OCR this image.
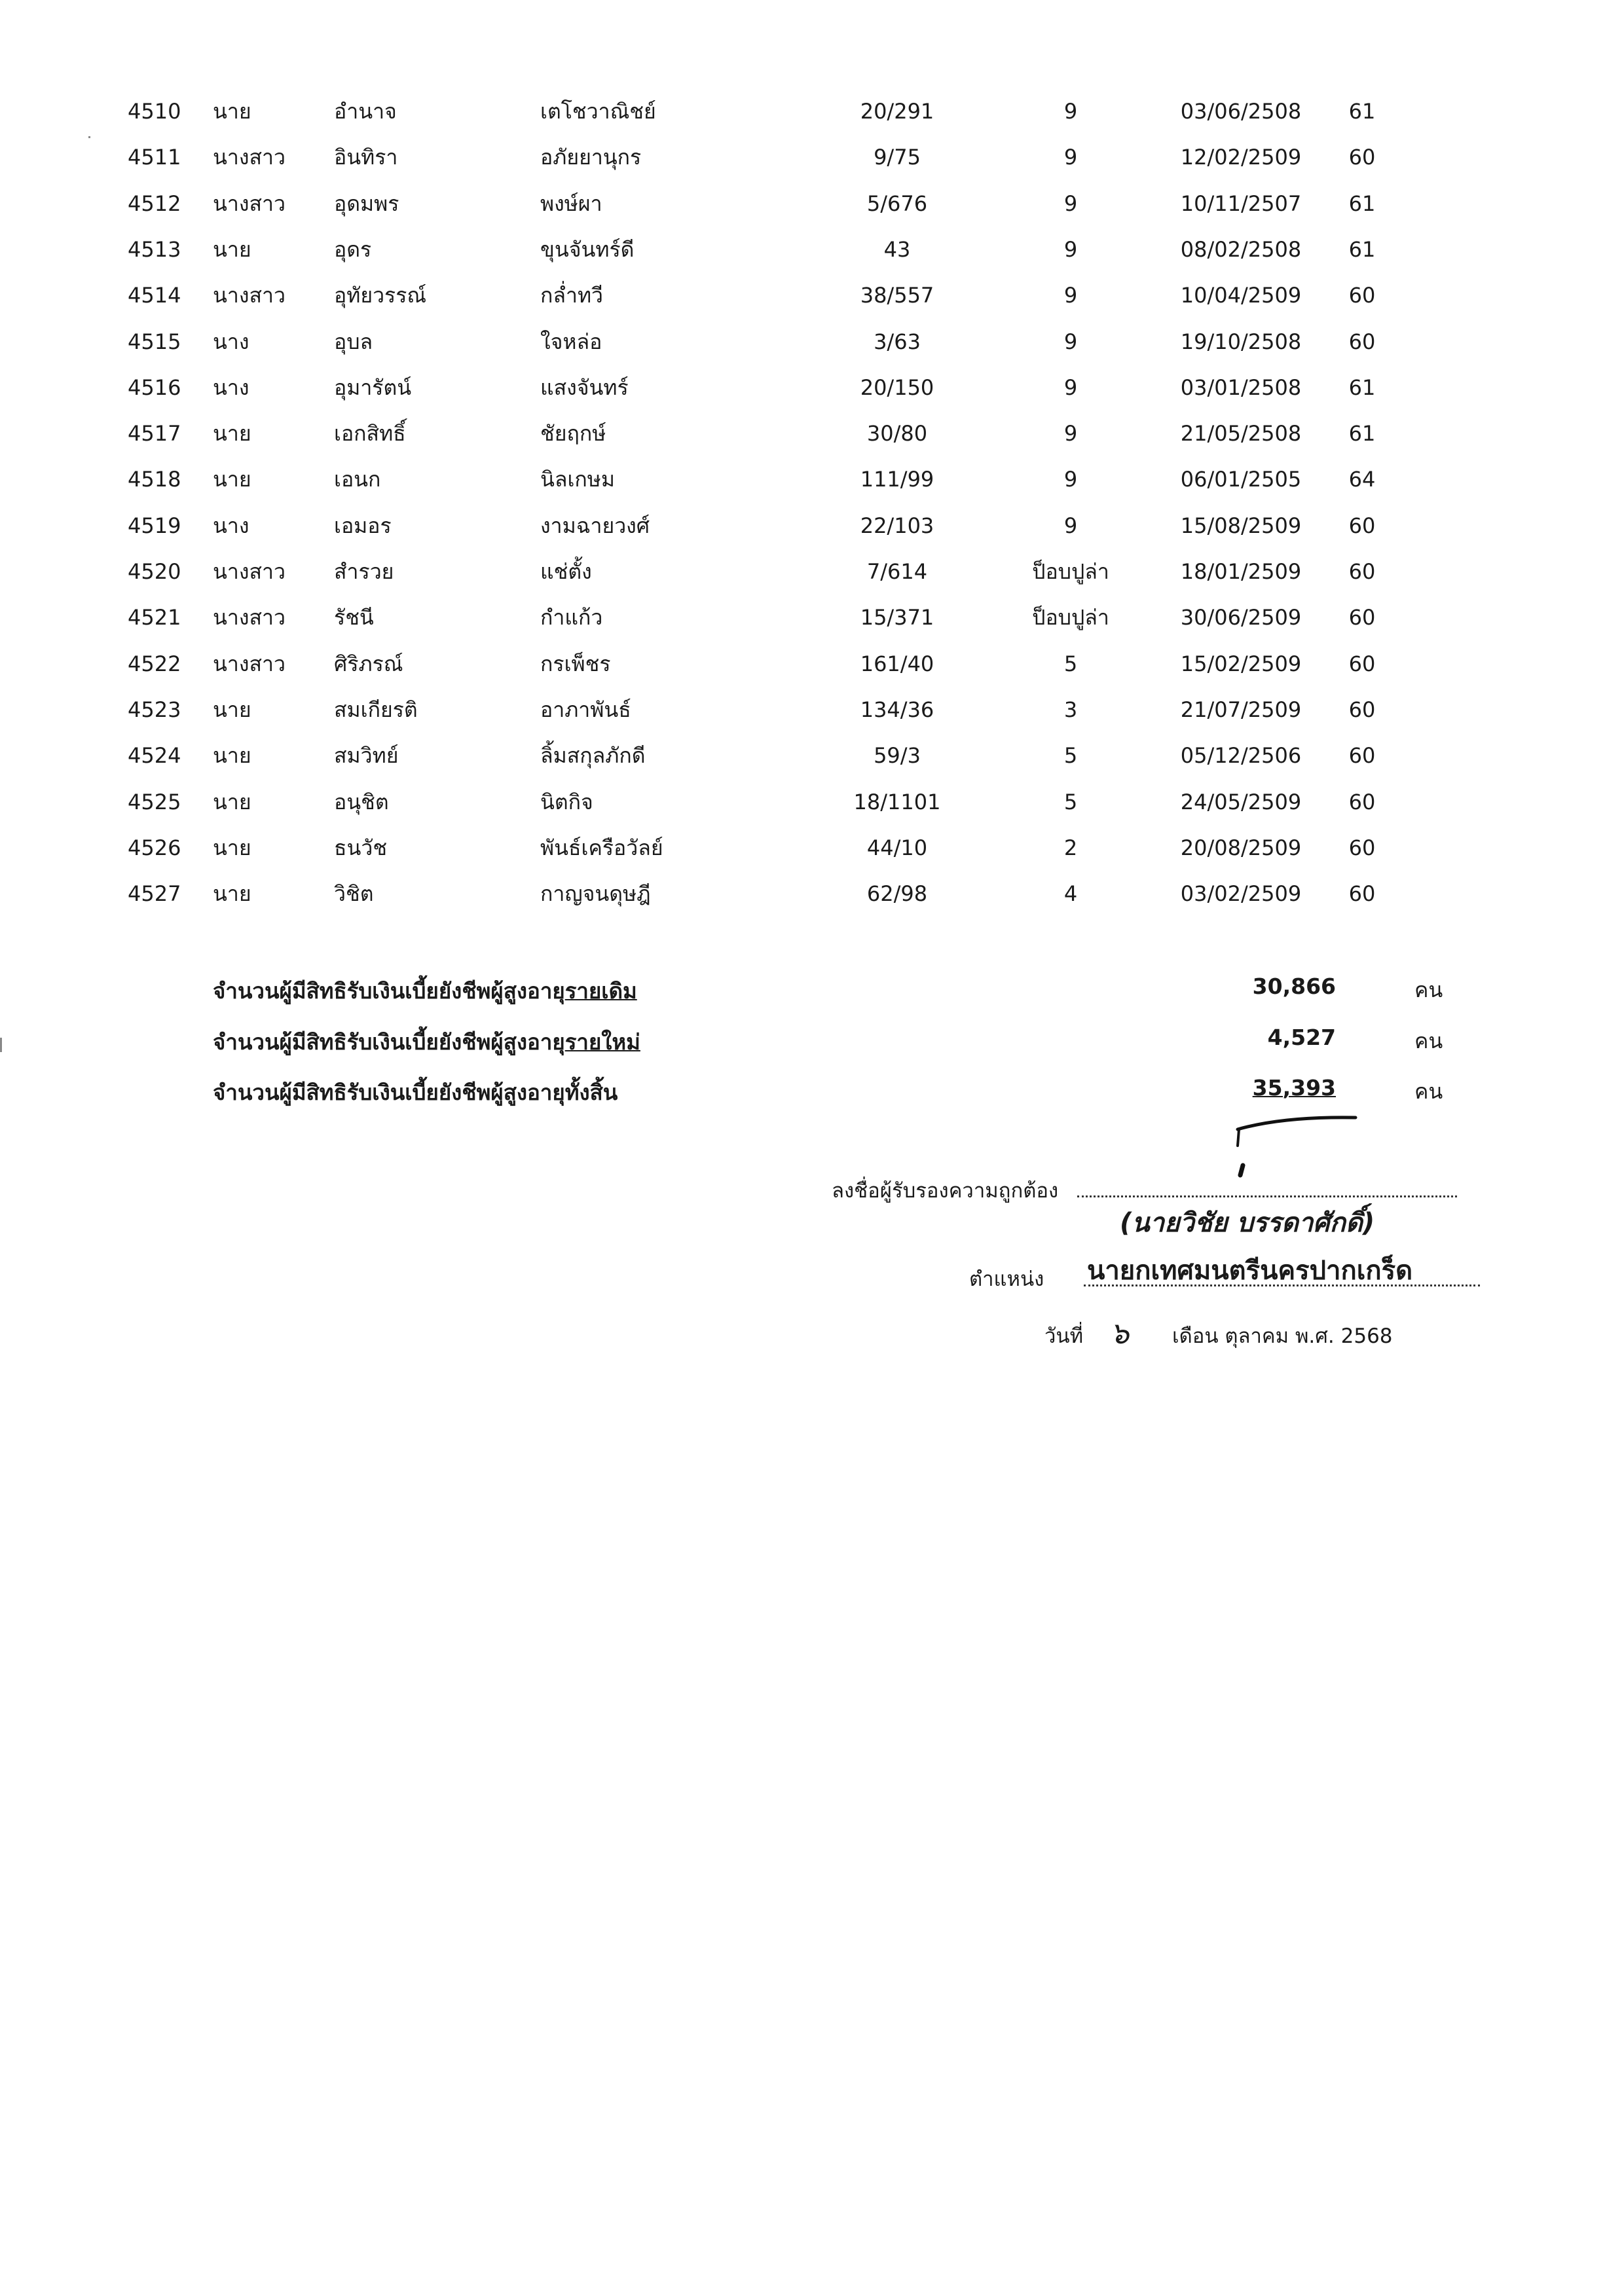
4510 นาย	อำนาจ	เตโชวาณิชย์	20/291	9	03/06/2508	61
4511 นางสาว อินทิรา	อภัยยานุกร	9/75	9	12/02/2509	60
4512 นางสาว อุดมพร	พงษ์ผา	5/676	9	10/11/2507	61
4513 นาย	อุดร	ขุนจันทร์ดี	43	9	08/02/2508	61
4514 นางสาว อุทัยวรรณ์	กล่ำทวี	38/557	9	10/04/2509	60
4515 นาง	อุบล	ใจหล่อ	3/63	9	19/10/2508	60
4516 นาง	อุมารัตน์	แสงจันทร์	20/150	9	03/01/2508	61
4517 นาย	เอกสิทธิ์	ชัยฤกษ์	30/80	9	21/05/2508	61
4518 นาย	เอนก	นิลเกษม	111/99	9	06/01/2505	64
4519 นาง	เอมอร	งามฉายวงศ์	22/103	9	15/08/2509	60
4520 นางสาว สำรวย	แช่ตั้ง	7/614	ป็อบปูล่า	18/01/2509	60
4521 นางสาว รัชนี	กำแก้ว	15/371	ป็อบปูล่า	30/06/2509	60
4522 นางสาว ศิริภรณ์	กรเพ็ชร	161/40	5	15/02/2509	60
4523 นาย	สมเกียรติ	อาภาพันธ์	134/36	3	21/07/2509	60
4524 นาย	สมวิทย์	ลิ้มสกุลภักดี	59/3	5	05/12/2506	60
4525 นาย	อนุชิต	นิตกิจ	18/1101	5	24/05/2509	60
4526 นาย	ธนวัช	พันธ์เครือวัลย์	44/10	2	20/08/2509	60
4527 นาย	วิชิต	กาญจนดุษฎี	62/98	4	03/02/2509	60
จำนวนผู้มีสิทธิรับเงินเบี้ยยังชีพผู้สูงอายุรายเดิม	30,866	คน
จำนวนผู้มีสิทธิรับเงินเบี้ยยังชีพผู้สูงอายุรายใหม่	4,527	คน
จำนวนผู้มีสิทธิรับเงินเบี้ยยังชีพผู้สูงอายุทั้งสิ้น	35,393	คน
ลงชื่อผู้รับรองความถูกต้อง
(นายวิชัย บรรดาศักดิ์)
ตำแหน่ง นายกเทศมนตรีนครปากเกร็ด
วันที่ ๖ เดือน ตุลาคม พ.ศ. 2568
